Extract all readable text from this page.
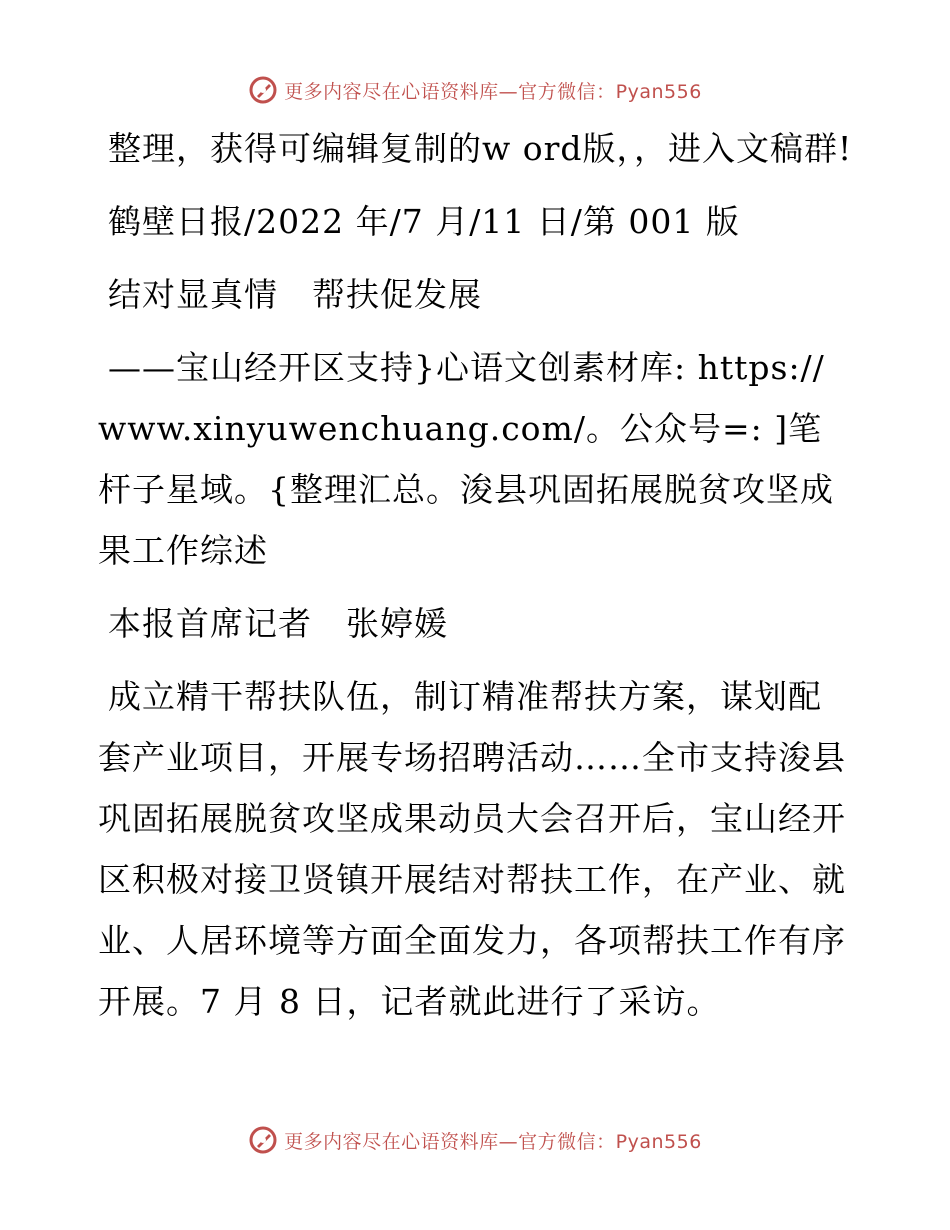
更多内容尽在心语资料库—官方微信：Pyan556

整理，获得可编辑复制的w ord版，，进入文稿群!

鹤壁日报/2022 年/7 月/11 日/第 001 版

结对显真情　帮扶促发展

——宝山经开区支持}心语文创素材库: https://www.xinyuwenchuang.com/。公众号=: ]笔杆子星域。{整理汇总。浚县巩固拓展脱贫攻坚成果工作综述

本报首席记者　张婷媛

成立精干帮扶队伍，制订精准帮扶方案，谋划配套产业项目，开展专场招聘活动……全市支持浚县巩固拓展脱贫攻坚成果动员大会召开后，宝山经开区积极对接卫贤镇开展结对帮扶工作，在产业、就业、人居环境等方面全面发力，各项帮扶工作有序开展。7 月 8 日，记者就此进行了采访。

更多内容尽在心语资料库—官方微信：Pyan556
